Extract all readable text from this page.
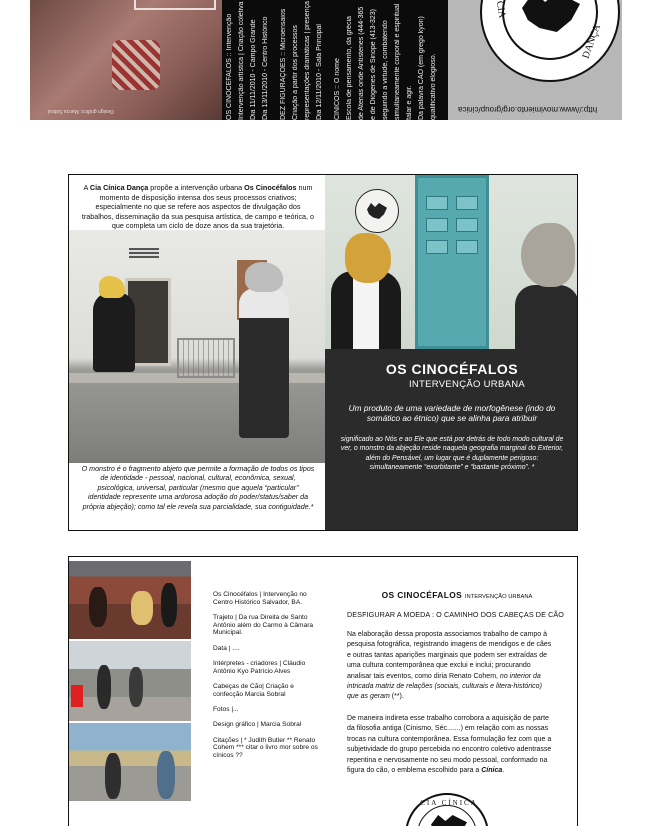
Design gráfico: Marcia Sobral	OS CINOCÉFALOS :: Intervenção Intervenção artística | Criação coletiva Dia 11/11/2010 - Campo Grande Dia 13/11/2010 - Centro Histórico	DEZ FIGURAÇÕES :: Microensaios Criação a partir dos processos representações dramáticas | presença Dia 12/11/2010 - Sala Principal	CÍNICOS :: O nome Escola de pensamento, da grécia de Atenas onde Antístenes (444-365 e de Diógenes de Sinope (413-323) seguindo a virtude, combatendo simultaneamente corporal e espiritual falar e agir. Da palavra CÃO (em grego kyon) qualificativo elogioso.
DANÇA
CIA
http://www.movimiento.org/group/cinica
A Cia Cínica Dança propõe a intervenção urbana Os Cinocéfalos num momento de disposição intensa dos seus processos criativos; especialmente no que se refere aos aspectos de divulgação dos trabalhos, disseminação da sua pesquisa artística, de campo e teórica, o que completa um ciclo de doze anos da sua trajetória.
O monstro é o fragmento abjeto que permite a formação de todos os tipos de identidade - pessoal, nacional, cultural, econômica, sexual, psicológica, universal, particular (mesmo que aquela “particular” identidade represente uma ardorosa adoção do poder/status/saber da própria abjeção); como tal ele revela sua parcialidade, sua contiguidade.*
OS CINOCÉFALOS
INTERVENÇÃO URBANA
Um produto de uma variedade de morfogênese (indo do somático ao étnico) que se alinha para atribuir
significado ao Nós e ao Ele que está por detrás de todo modo cultural de ver, o monstro da abjeção reside naquela geografia marginal do Exterior, além do Pensável, um lugar que é duplamente perigoso: simultaneamente “exorbitante” e “bastante próximo”. *

Os Cinocéfalos | Intervenção no Centro Histórico Salvador, BA.

Trajeto | Da rua Direita de Santo Antônio além do Carmo à Câmara Municipal.

Data | ....

Intérpretes - criadores | Cláudio Antônio Kyo Patrício Alves

Cabeças de Cão| Criação e confecção Marcia Sobral

Fotos |...

Design gráfico | Marcia Sobral

Citações | * Judith Butler ** Renato Cohem *** citar o livro mor sobre os cínicos ??

OS CINOCÉFALOS INTERVENÇÃO URBANA
DESFIGURAR A MOEDA : O CAMINHO DOS CABEÇAS DE CÃO
Na elaboração dessa proposta associamos trabalho de campo à pesquisa fotográfica, registrando imagens de mendigos e de cães e outras tantas aparições marginais que podem ser extraídas de uma cultura contemporânea que exclui e inclui; procurando analisar tais eventos, como diria Renato Cohem, no interior da intricada matriz de relações (sociais, culturais e litera-histórico) que as geram (**).
De maneira indireta esse trabalho corrobora a aquisição de parte da filosofia antiga (Cinismo, Séc.......) em relação com as nossas trocas na cultura contemporânea. Essa formulação fez com que a subjetividade do grupo percebida no encontro coletivo adentrasse repentina e nervosamente no seu modo pessoal, conformado na figura do cão, o emblema escolhido para a Cínica.
CIA CÍNICA
